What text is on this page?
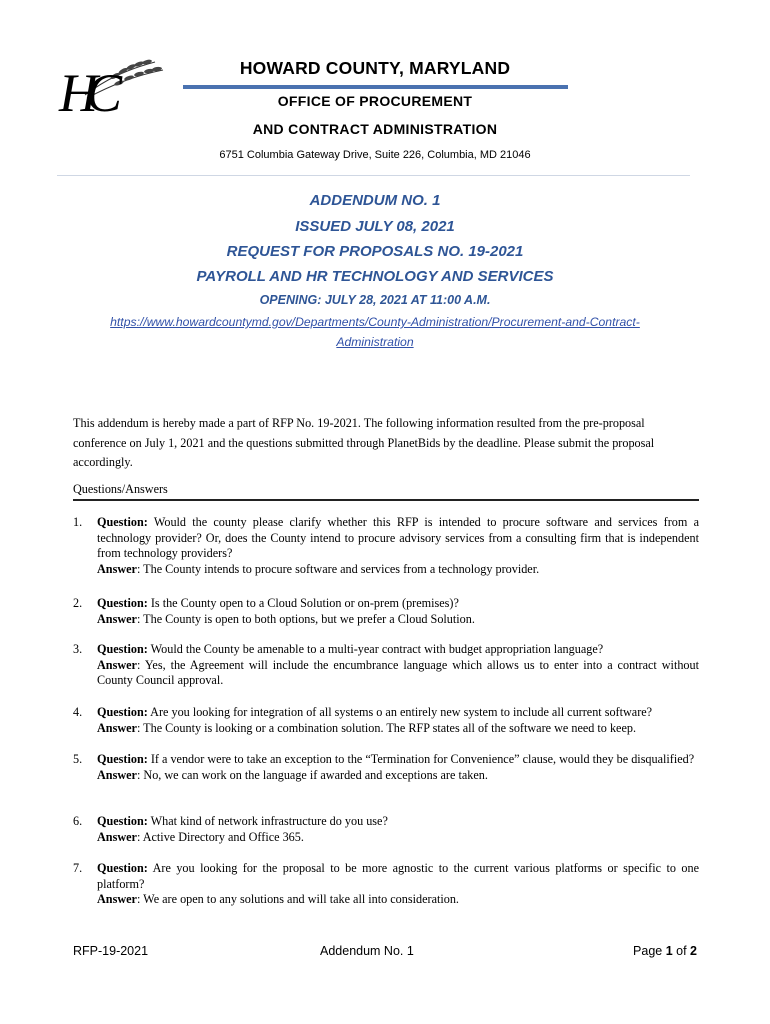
HC	HOWARD COUNTY, MARYLAND
OFFICE OF PROCUREMENT
AND CONTRACT ADMINISTRATION
6751 Columbia Gateway Drive, Suite 226, Columbia, MD 21046
ADDENDUM NO. 1
ISSUED JULY 08, 2021
REQUEST FOR PROPOSALS NO. 19-2021
PAYROLL AND HR TECHNOLOGY AND SERVICES
OPENING: JULY 28, 2021 AT 11:00 A.M.
https://www.howardcountymd.gov/Departments/County-Administration/Procurement-and-Contract-
Administration
This addendum is hereby made a part of RFP No. 19-2021. The following information resulted from the pre-proposal conference on July 1, 2021 and the questions submitted through PlanetBids by the deadline. Please submit the proposal accordingly.
Questions/Answers
1. Question: Would the county please clarify whether this RFP is intended to procure software and services from a technology provider? Or, does the County intend to procure advisory services from a consulting firm that is independent from technology providers?
Answer: The County intends to procure software and services from a technology provider.
2. Question: Is the County open to a Cloud Solution or on-prem (premises)?
Answer: The County is open to both options, but we prefer a Cloud Solution.
3. Question: Would the County be amenable to a multi-year contract with budget appropriation language?
Answer: Yes, the Agreement will include the encumbrance language which allows us to enter into a contract without County Council approval.
4. Question: Are you looking for integration of all systems o an entirely new system to include all current software?
Answer: The County is looking or a combination solution. The RFP states all of the software we need to keep.
5. Question: If a vendor were to take an exception to the “Termination for Convenience” clause, would they be disqualified?
Answer: No, we can work on the language if awarded and exceptions are taken.
6. Question: What kind of network infrastructure do you use?
Answer: Active Directory and Office 365.
7. Question: Are you looking for the proposal to be more agnostic to the current various platforms or specific to one platform?
Answer: We are open to any solutions and will take all into consideration.
RFP-19-2021	Addendum No. 1	Page 1 of 2
